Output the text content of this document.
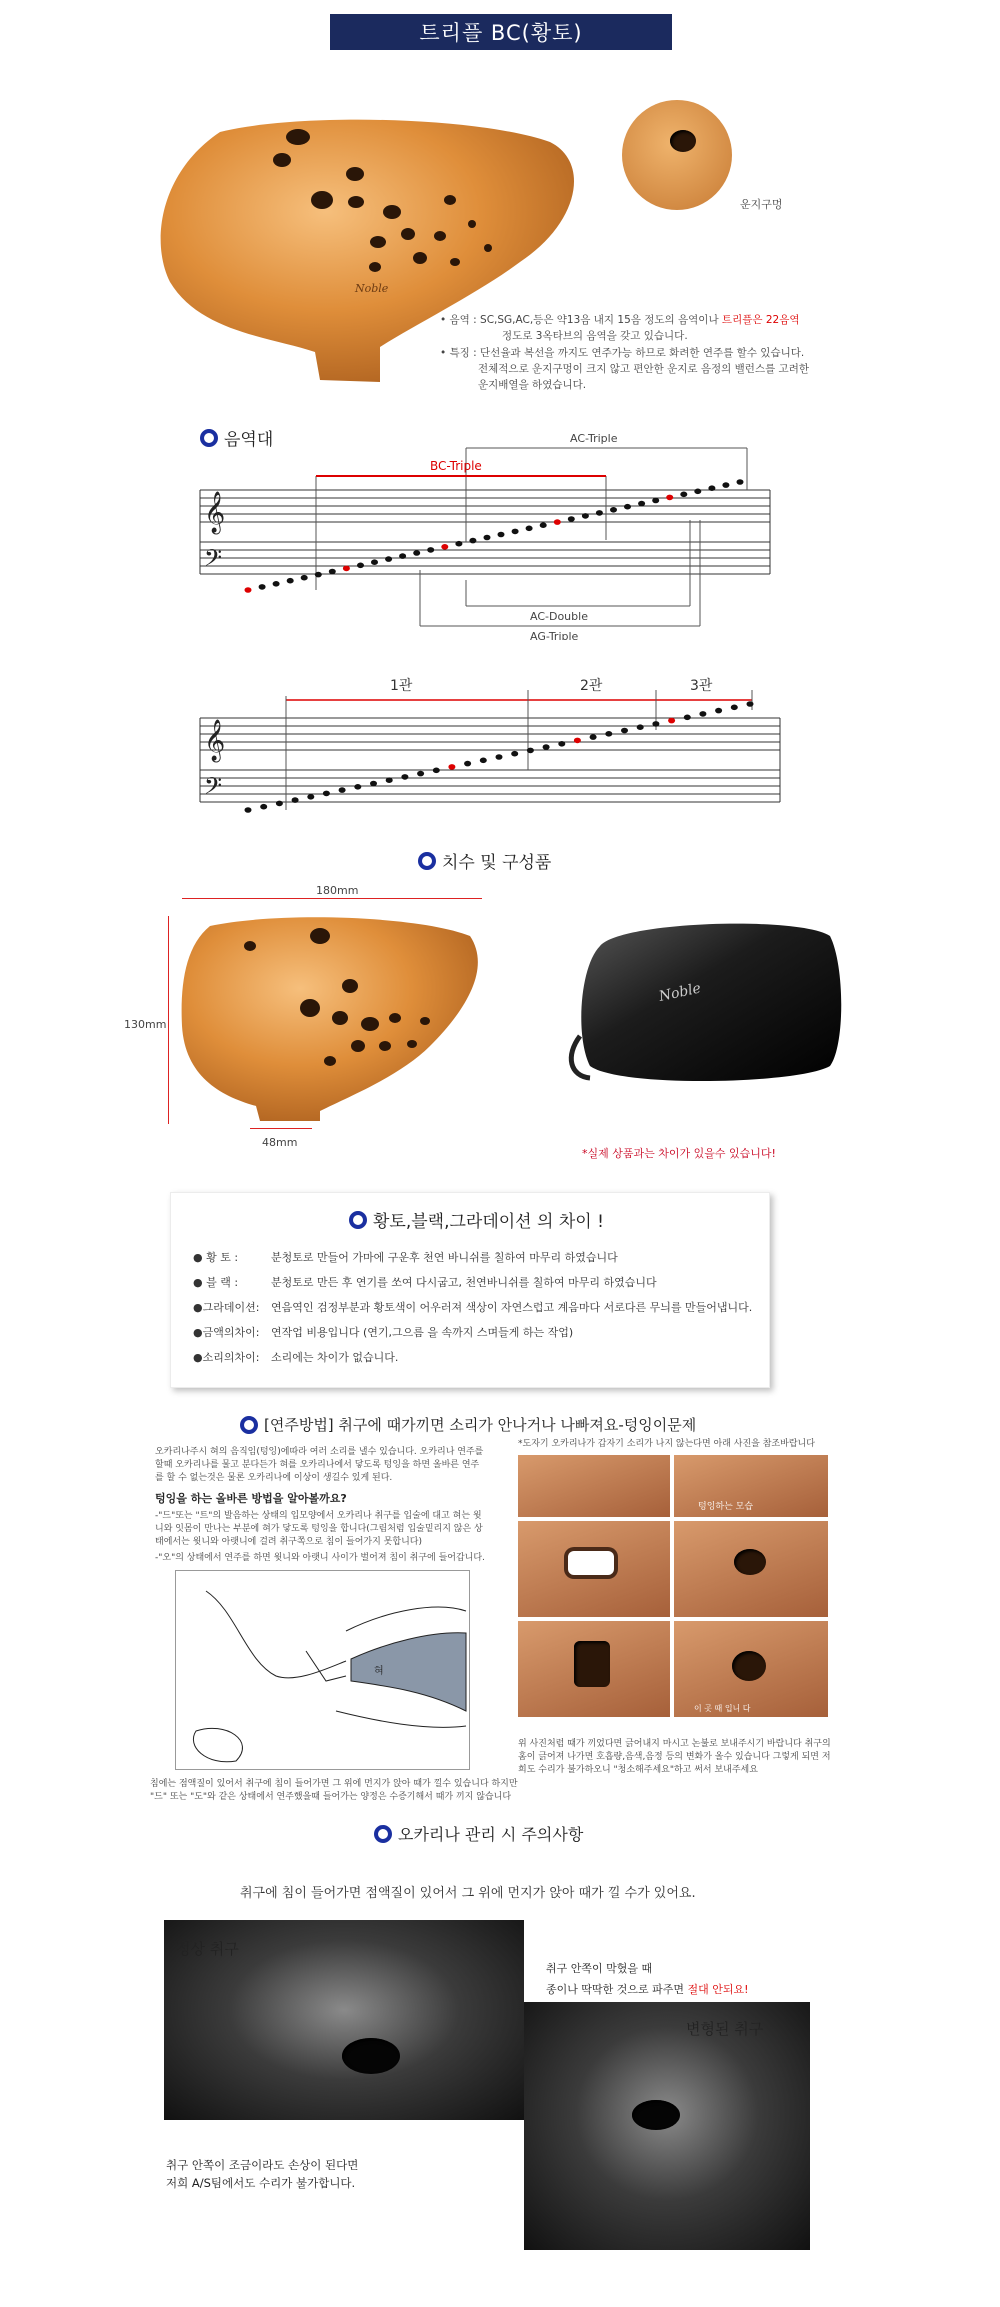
트리플 BC(황토)
Noble
운지구멍
• 음역 : SC,SG,AC,등은 약13음 내지 15음 정도의 음역이나 트리플은 22음역
정도로 3옥타브의 음역을 갖고 있습니다.
• 특징 : 단선율과 복선을 까지도 연주가능 하므로 화려한 연주를 할수 있습니다.
전체적으로 운지구멍이 크지 않고 편안한 운지로 음정의 밸런스를 고려한
운지배열을 하였습니다.
음역대
𝄞
𝄢
AC-Triple
BC-Triple
AC-Double
AG-Triple
𝄞
𝄢
1관	2관	3관
치수 및 구성품
180mm
130mm
48mm
Noble
*실제 상품과는 차이가 있을수 있습니다!
황토,블랙,그라데이션 의 차이 !
● 황 토 :	분청토로 만들어 가마에 구운후 천연 바니쉬를 칠하여 마무리 하였습니다
● 블 랙 :	분청토로 만든 후 연기를 쏘여 다시굽고, 천연바니쉬를 칠하여 마무리 하였습니다
●그라데이션:	연음역인 검정부분과 황토색이 어우러져 색상이 자연스럽고 계음마다 서로다른 무늬를 만들어냅니다.
●금액의차이:	연작업 비용입니다 (연기,그으름 을 속까지 스며들게 하는 작업)
●소리의차이:	소리에는 차이가 없습니다.
[연주방법] 취구에 때가끼면 소리가 안나거나 나빠져요-텅잉이문제
오카리나주시 혀의 음직임(텅잉)에따라 여러 소리를 낼수 있습니다. 오카리나 연주를 할때 오카리나를 물고 분다든가 혀를 오카리나에서 닿도록 텅잉을 하면 올바른 연주를 할 수 없는것은 물론 오카리나에 이상이 생길수 있게 된다.
텅잉을 하는 올바른 방법을 알아볼까요?
-"드"또는 "트"의 발음하는 상태의 입모양에서 오카리나 취구를 입술에 대고 혀는 윗니와 잇몸이 만나는 부분에 혀가 닿도록 텅잉을 합니다(그림처럼 입술밑리지 않은 상태에서는 윗니와 아랫니에 걸려 취구쪽으로 침이 들어가지 못합니다)
-"오"의 상태에서 연주를 하면 윗니와 아랫니 사이가 벌어져 침이 취구에 들어갑니다.
혀
침에는 점액질이 있어서 취구에 침이 들어가면 그 위에 먼지가 앉아 때가 낄수 있습니다 하지만 "드" 또는 "도"와 같은 상태에서 연주했을때 들어가는 양정은 수증기해서 때가 끼지 않습니다
*도자기 오카리나가 갑자기 소리가 나지 않는다면 아래 사진을 참조바랍니다
텅잉하는 모습
이 곳 때 입니 다
위 사진처럼 때가 끼었다면 긁어내지 마시고 논불로 보내주시기 바랍니다 취구의 홈이 긁어져 나가면 호흡량,음색,음정 등의 변화가 올수 있습니다 그렇게 되면 저희도 수리가 불가하오니 "청소해주세요"하고 써서 보내주세요
오카리나 관리 시 주의사항
취구에 침이 들어가면 점액질이 있어서 그 위에 먼지가 앉아 때가 낄 수가 있어요.
정상 취구
취구 안쪽이 막혔을 때
종이나 딱딱한 것으로 파주면 절대 안되요!
변형된 취구
취구 안쪽이 조금이라도 손상이 된다면
저희 A/S팀에서도 수리가 불가합니다.
